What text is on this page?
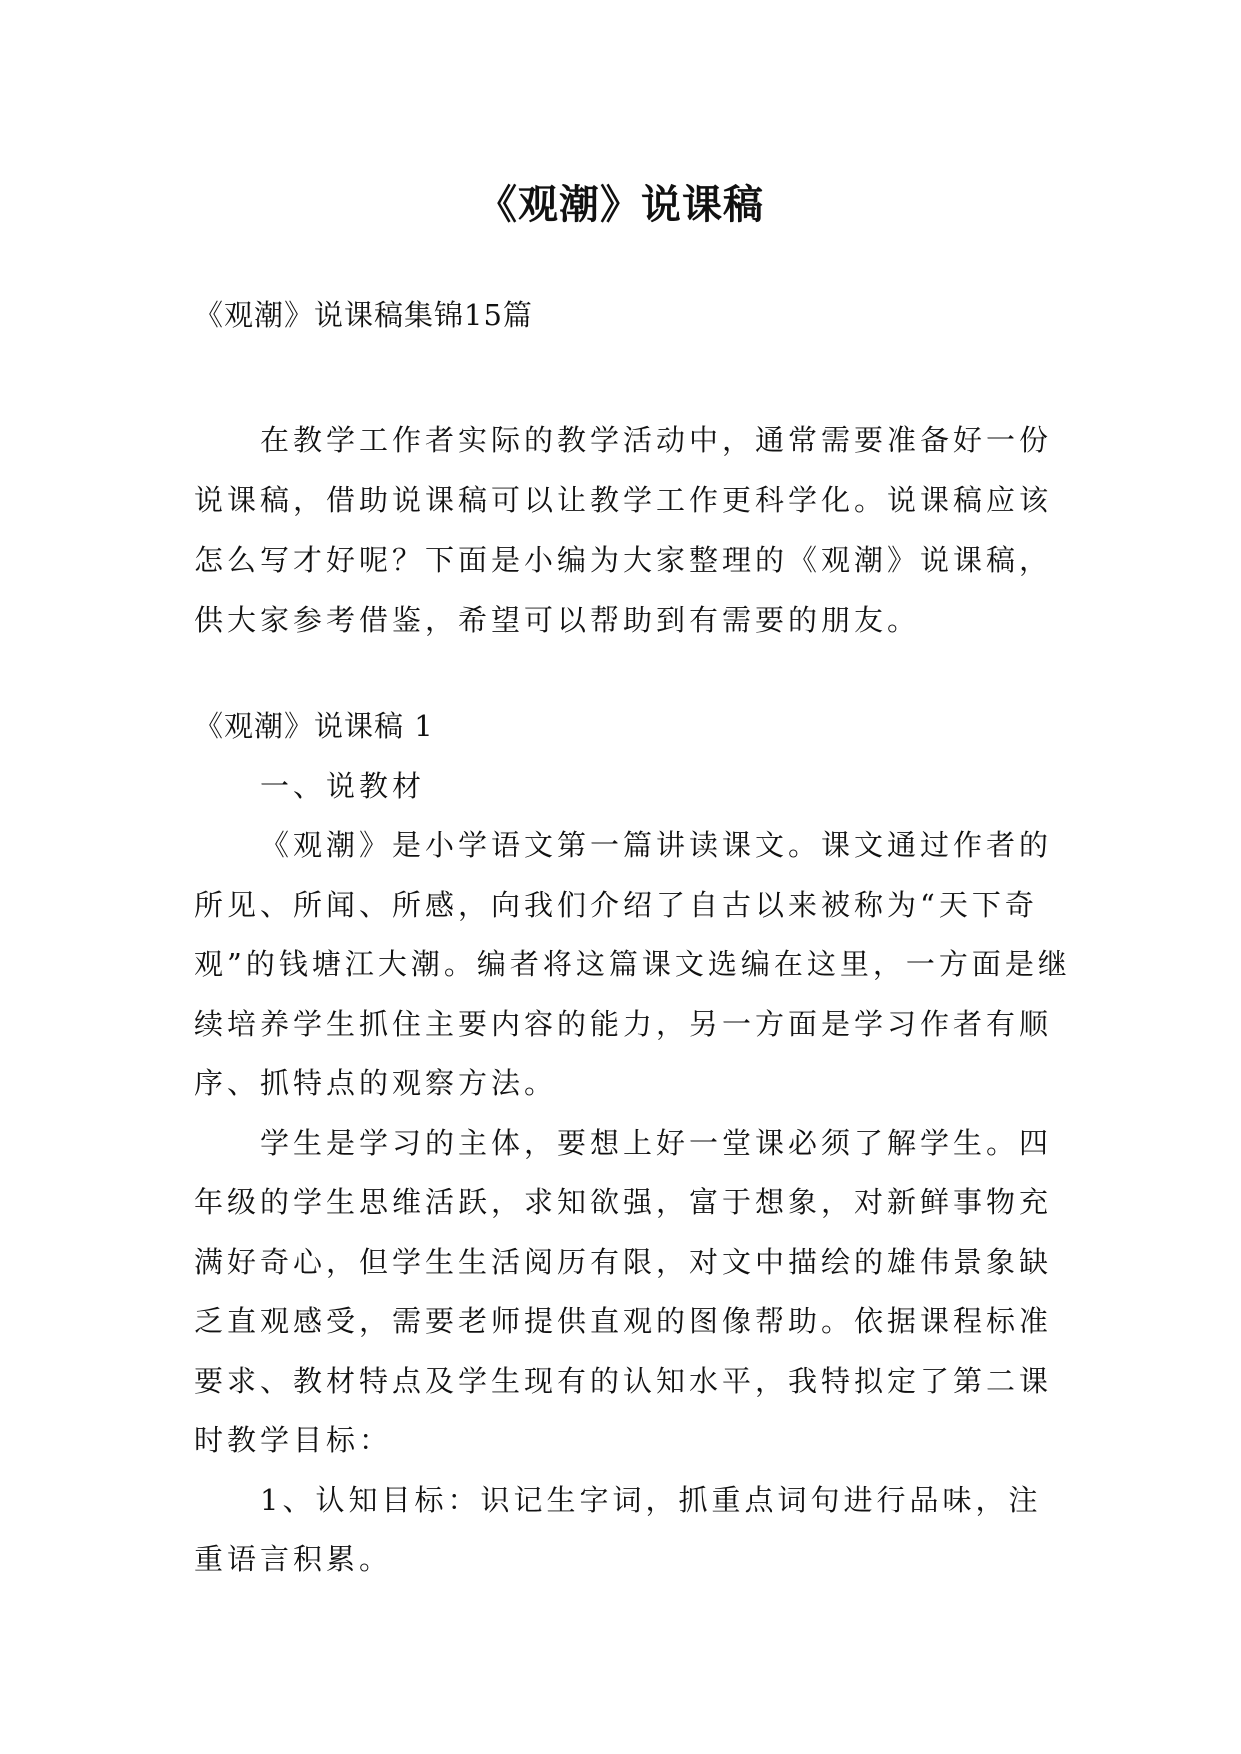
《观潮》说课稿

《观潮》说课稿集锦15篇

在教学工作者实际的教学活动中，通常需要准备好一份说课稿，借助说课稿可以让教学工作更科学化。说课稿应该怎么写才好呢？下面是小编为大家整理的《观潮》说课稿，供大家参考借鉴，希望可以帮助到有需要的朋友。

《观潮》说课稿 1

一、说教材

《观潮》是小学语文第一篇讲读课文。课文通过作者的所见、所闻、所感，向我们介绍了自古以来被称为“天下奇观”的钱塘江大潮。编者将这篇课文选编在这里，一方面是继续培养学生抓住主要内容的能力，另一方面是学习作者有顺序、抓特点的观察方法。

学生是学习的主体，要想上好一堂课必须了解学生。四年级的学生思维活跃，求知欲强，富于想象，对新鲜事物充满好奇心，但学生生活阅历有限，对文中描绘的雄伟景象缺乏直观感受，需要老师提供直观的图像帮助。依据课程标准要求、教材特点及学生现有的认知水平，我特拟定了第二课时教学目标：

1、认知目标：识记生字词，抓重点词句进行品味，注重语言积累。
